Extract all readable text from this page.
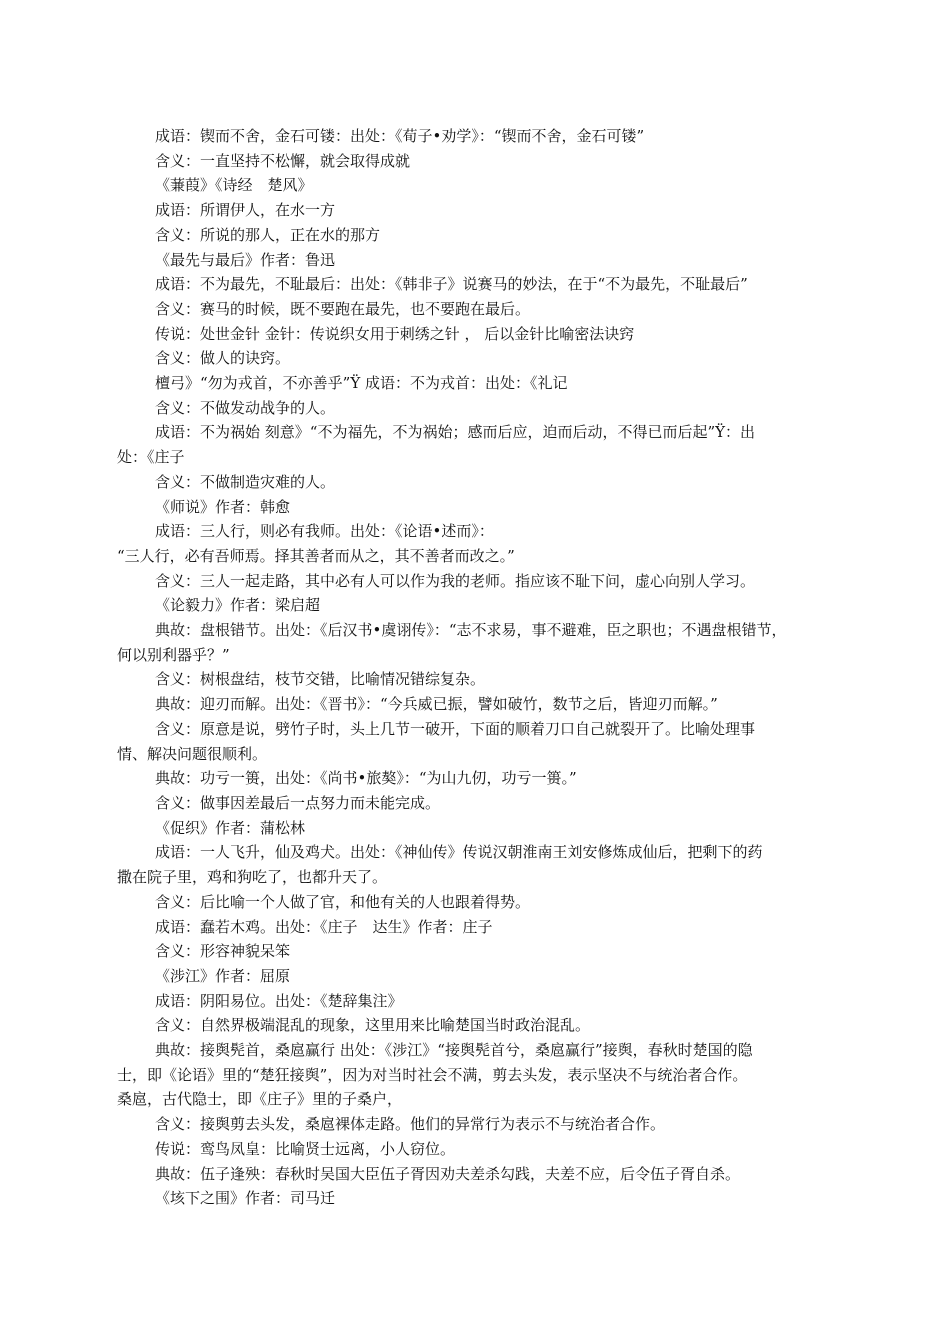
成语：锲而不舍，金石可镂：出处：《荀子•劝学》：“锲而不舍，金石可镂”
含义：一直坚持不松懈，就会取得成就
《蒹葭》《诗经　楚风》
成语：所谓伊人，在水一方
含义：所说的那人，正在水的那方
《最先与最后》作者：鲁迅
成语：不为最先，不耻最后：出处：《韩非子》说赛马的妙法，在于“不为最先，不耻最后”
含义：赛马的时候，既不要跑在最先，也不要跑在最后。
传说：处世金针 金针：传说织女用于刺绣之针 ， 后以金针比喻密法诀窍
含义：做人的诀窍。
檀弓》“勿为戎首，不亦善乎”Ÿ 成语：不为戎首：出处：《礼记
含义：不做发动战争的人。
成语：不为祸始 刻意》“不为福先，不为祸始；感而后应，迫而后动，不得已而后起”Ÿ：出
处：《庄子
含义：不做制造灾难的人。
《师说》作者：韩愈
成语：三人行，则必有我师。出处：《论语•述而》：
“三人行，必有吾师焉。择其善者而从之，其不善者而改之。”
含义：三人一起走路，其中必有人可以作为我的老师。指应该不耻下问，虚心向别人学习。
《论毅力》作者：梁启超
典故：盘根错节。出处：《后汉书•虞诩传》：“志不求易，事不避难，臣之职也；不遇盘根错节，
何以别利器乎？”
含义：树根盘结，枝节交错，比喻情况错综复杂。
典故：迎刃而解。出处：《晋书》：“今兵威已振，譬如破竹，数节之后，皆迎刃而解。”
含义：原意是说，劈竹子时，头上几节一破开，下面的顺着刀口自己就裂开了。比喻处理事
情、解决问题很顺利。
典故：功亏一篑，出处：《尚书•旅獒》：“为山九仞，功亏一篑。”
含义：做事因差最后一点努力而未能完成。
《促织》作者：蒲松林
成语：一人飞升，仙及鸡犬。出处：《神仙传》传说汉朝淮南王刘安修炼成仙后，把剩下的药
撒在院子里，鸡和狗吃了，也都升天了。
含义：后比喻一个人做了官，和他有关的人也跟着得势。
成语：蠢若木鸡。出处：《庄子　达生》作者：庄子
含义：形容神貌呆笨
《涉江》作者：屈原
成语：阴阳易位。出处：《楚辞集注》
含义：自然界极端混乱的现象，这里用来比喻楚国当时政治混乱。
典故：接舆髡首，桑扈赢行 出处：《涉江》“接舆髡首兮，桑扈赢行”接舆，春秋时楚国的隐
士，即《论语》里的“楚狂接舆”，因为对当时社会不满，剪去头发，表示坚决不与统治者合作。
桑扈，古代隐士，即《庄子》里的子桑户，
含义：接舆剪去头发，桑扈裸体走路。他们的异常行为表示不与统治者合作。
传说：鸾鸟凤皇：比喻贤士远离，小人窃位。
典故：伍子逢殃：春秋时吴国大臣伍子胥因劝夫差杀勾践，夫差不应，后令伍子胥自杀。
《垓下之围》作者：司马迁
